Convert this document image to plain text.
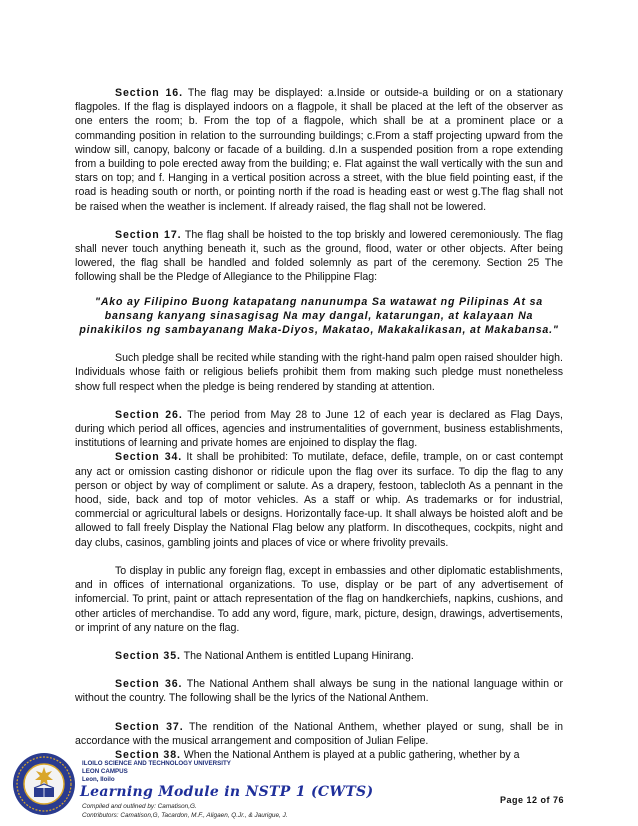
Section 16. The flag may be displayed: a.Inside or outside-a building or on a stationary flagpoles. If the flag is displayed indoors on a flagpole, it shall be placed at the left of the observer as one enters the room; b. From the top of a flagpole, which shall be at a prominent place or a commanding position in relation to the surrounding buildings; c.From a staff projecting upward from the window sill, canopy, balcony or facade of a building. d.In a suspended position from a rope extending from a building to pole erected away from the building; e. Flat against the wall vertically with the sun and stars on top; and f. Hanging in a vertical position across a street, with the blue field pointing east, if the road is heading south or north, or pointing north if the road is heading east or west g.The flag shall not be raised when the weather is inclement. If already raised, the flag shall not be lowered.

Section 17. The flag shall be hoisted to the top briskly and lowered ceremoniously. The flag shall never touch anything beneath it, such as the ground, flood, water or other objects. After being lowered, the flag shall be handled and folded solemnly as part of the ceremony. Section 25 The following shall be the Pledge of Allegiance to the Philippine Flag:

"Ako ay Filipino Buong katapatang nanunumpa Sa watawat ng Pilipinas At sa bansang kanyang sinasagisag Na may dangal, katarungan, at kalayaan Na pinakikilos ng sambayanang Maka-Diyos, Makatao, Makakalikasan, at Makabansa."

Such pledge shall be recited while standing with the right-hand palm open raised shoulder high. Individuals whose faith or religious beliefs prohibit them from making such pledge must nonetheless show full respect when the pledge is being rendered by standing at attention.

Section 26. The period from May 28 to June 12 of each year is declared as Flag Days, during which period all offices, agencies and instrumentalities of government, business establishments, institutions of learning and private homes are enjoined to display the flag.

Section 34. It shall be prohibited: To mutilate, deface, defile, trample, on or cast contempt any act or omission casting dishonor or ridicule upon the flag over its surface. To dip the flag to any person or object by way of compliment or salute. As a drapery, festoon, tablecloth As a pennant in the hood, side, back and top of motor vehicles. As a staff or whip. As trademarks or for industrial, commercial or agricultural labels or designs. Horizontally face-up. It shall always be hoisted aloft and be allowed to fall freely Display the National Flag below any platform. In discotheques, cockpits, night and day clubs, casinos, gambling joints and places of vice or where frivolity prevails.

To display in public any foreign flag, except in embassies and other diplomatic establishments, and in offices of international organizations. To use, display or be part of any advertisement of infomercial. To print, paint or attach representation of the flag on handkerchiefs, napkins, cushions, and other articles of merchandise. To add any word, figure, mark, picture, design, drawings, advertisements, or imprint of any nature on the flag.

Section 35. The National Anthem is entitled Lupang Hinirang.

Section 36. The National Anthem shall always be sung in the national language within or without the country. The following shall be the lyrics of the National Anthem.

Section 37. The rendition of the National Anthem, whether played or sung, shall be in accordance with the musical arrangement and composition of Julian Felipe.

Section 38. When the National Anthem is played at a public gathering, whether by a

ILOILO SCIENCE AND TECHNOLOGY UNIVERSITY
LEON CAMPUS
Leon, Iloilo
Learning Module in NSTP 1 (CWTS)
Compiled and outlined by: Camatison,G.
Contributors: Camatison,G, Tacardon, M.F., Aligaen, Q.Jr., & Jaurigue, J.
Page 12 of 76
